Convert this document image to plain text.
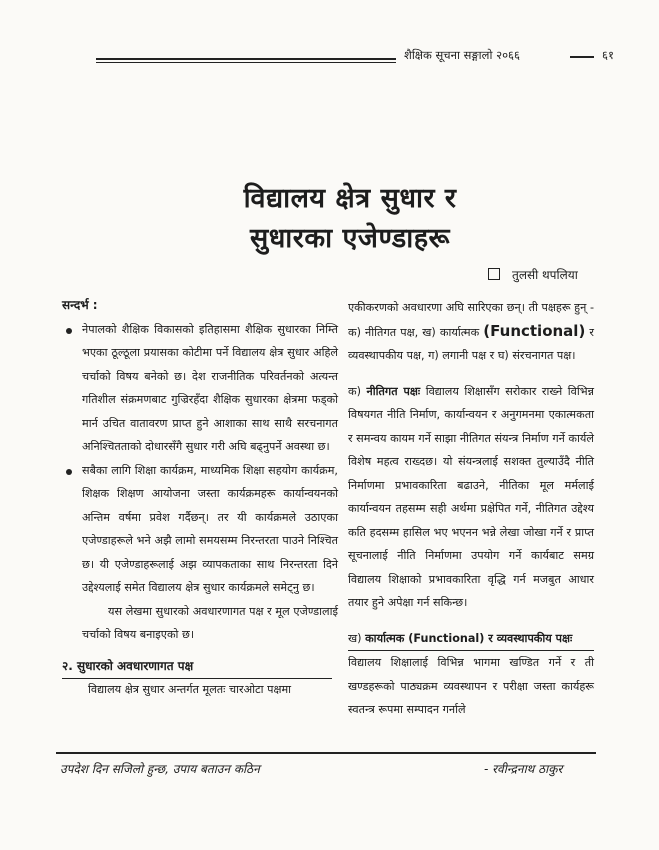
शैक्षिक सूचना सङ्गालो २०६६	६१
विद्यालय क्षेत्र सुधार र
सुधारका एजेण्डाहरू
तुलसी थपलिया
सन्दर्भ :
नेपालको शैक्षिक विकासको इतिहासमा शैक्षिक सुधारका निम्ति भएका ठूल्ठूला प्रयासका कोटीमा पर्ने विद्यालय क्षेत्र सुधार अहिले चर्चाको विषय बनेको छ। देश राजनीतिक परिवर्तनको अत्यन्त गतिशील संक्रमणबाट गुज्रिरहँदा शैक्षिक सुधारका क्षेत्रमा फड्को मार्न उचित वातावरण प्राप्त हुने आशाका साथ साथै सरचनागत अनिश्चितताको दोधारसँगै सुधार गरी अघि बढ्नुपर्ने अवस्था छ।
सबैका लागि शिक्षा कार्यक्रम, माध्यमिक शिक्षा सहयोग कार्यक्रम, शिक्षक शिक्षण आयोजना जस्ता कार्यक्रमहरू कार्यान्वयनको अन्तिम वर्षमा प्रवेश गर्दैछन्। तर यी कार्यक्रमले उठाएका एजेण्डाहरूले भने अझै लामो समयसम्म निरन्तरता पाउने निश्चित छ। यी एजेण्डाहरूलाई अझ व्यापकताका साथ निरन्तरता दिने उद्देश्यलाई समेत विद्यालय क्षेत्र सुधार कार्यक्रमले समेट्नु छ।
यस लेखमा सुधारको अवधारणागत पक्ष र मूल एजेण्डालाई चर्चाको विषय बनाइएको छ।
२. सुधारको अवधारणागत पक्ष
विद्यालय क्षेत्र सुधार अन्तर्गत मूलतः चारओटा पक्षमा
एकीकरणको अवधारणा अघि सारिएका छन्। ती पक्षहरू हुन् - क) नीतिगत पक्ष, ख) कार्यात्मक (Functional) र व्यवस्थापकीय पक्ष, ग) लगानी पक्ष र घ) संरचनागत पक्ष।
क) नीतिगत पक्षः विद्यालय शिक्षासँग सरोकार राख्ने विभिन्न विषयगत नीति निर्माण, कार्यान्वयन र अनुगमनमा एकात्मकता र समन्वय कायम गर्ने साझा नीतिगत संयन्त्र निर्माण गर्ने कार्यले विशेष महत्व राख्दछ। यो संयन्त्रलाई सशक्त तुल्याउँदै नीति निर्माणमा प्रभावकारिता बढाउने, नीतिका मूल मर्मलाई कार्यान्वयन तहसम्म सही अर्थमा प्रक्षेपित गर्ने, नीतिगत उद्देश्य कति हदसम्म हासिल भए भएनन भन्ने लेखा जोखा गर्ने र प्राप्त सूचनालाई नीति निर्माणमा उपयोग गर्ने कार्यबाट समग्र विद्यालय शिक्षाको प्रभावकारिता वृद्धि गर्न मजबुत आधार तयार हुने अपेक्षा गर्न सकिन्छ।
ख) कार्यात्मक (Functional) र व्यवस्थापकीय पक्षः
विद्यालय शिक्षालाई विभिन्न भागमा खण्डित गर्ने र ती खण्डहरूको पाठ्यक्रम व्यवस्थापन र परीक्षा जस्ता कार्यहरू स्वतन्त्र रूपमा सम्पादन गर्नाले
उपदेश दिन सजिलो हुन्छ, उपाय बताउन कठिन	- रवीन्द्रनाथ ठाकुर
